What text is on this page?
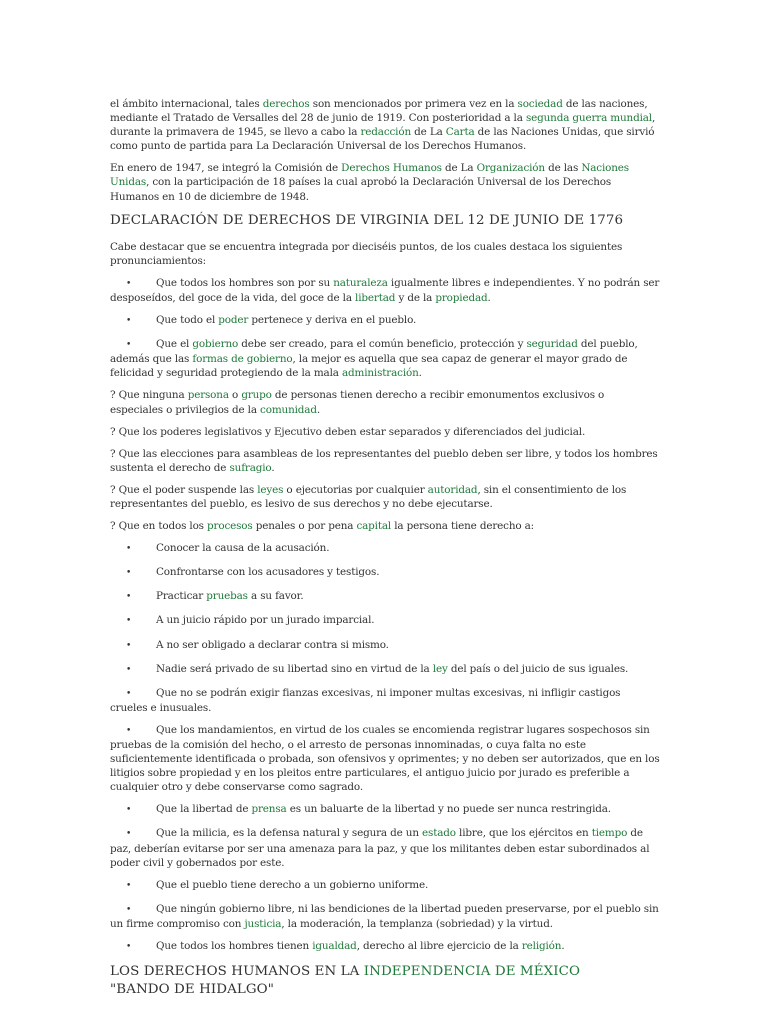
el ámbito internacional, tales derechos son mencionados por primera vez en la sociedad de las naciones, mediante el Tratado de Versalles del 28 de junio de 1919. Con posterioridad a la segunda guerra mundial, durante la primavera de 1945, se llevo a cabo la redacción de La Carta de las Naciones Unidas, que sirvió como punto de partida para La Declaración Universal de los Derechos Humanos.

En enero de 1947, se integró la Comisión de Derechos Humanos de La Organización de las Naciones Unidas, con la participación de 18 países la cual aprobó la Declaración Universal de los Derechos Humanos en 10 de diciembre de 1948.

DECLARACIÓN DE DERECHOS DE VIRGINIA DEL 12 DE JUNIO DE 1776

Cabe destacar que se encuentra integrada por dieciséis puntos, de los cuales destaca los siguientes pronunciamientos:

• Que todos los hombres son por su naturaleza igualmente libres e independientes. Y no podrán ser desposeídos, del goce de la vida, del goce de la libertad y de la propiedad.
• Que todo el poder pertenece y deriva en el pueblo.
• Que el gobierno debe ser creado, para el común beneficio, protección y seguridad del pueblo, además que las formas de gobierno, la mejor es aquella que sea capaz de generar el mayor grado de felicidad y seguridad protegiendo de la mala administración.

? Que ninguna persona o grupo de personas tienen derecho a recibir emonumentos exclusivos o especiales o privilegios de la comunidad.

? Que los poderes legislativos y Ejecutivo deben estar separados y diferenciados del judicial.

? Que las elecciones para asambleas de los representantes del pueblo deben ser libre, y todos los hombres sustenta el derecho de sufragio.

? Que el poder suspende las leyes o ejecutorias por cualquier autoridad, sin el consentimiento de los representantes del pueblo, es lesivo de sus derechos y no debe ejecutarse.

? Que en todos los procesos penales o por pena capital la persona tiene derecho a:

• Conocer la causa de la acusación.
• Confrontarse con los acusadores y testigos.
• Practicar pruebas a su favor.
• A un juicio rápido por un jurado imparcial.
• A no ser obligado a declarar contra si mismo.
• Nadie será privado de su libertad sino en virtud de la ley del país o del juicio de sus iguales.
• Que no se podrán exigir fianzas excesivas, ni imponer multas excesivas, ni infligir castigos crueles e inusuales.
• Que los mandamientos, en virtud de los cuales se encomienda registrar lugares sospechosos sin pruebas de la comisión del hecho, o el arresto de personas innominadas, o cuya falta no este suficientemente identificada o probada, son ofensivos y oprimentes; y no deben ser autorizados, que en los litigios sobre propiedad y en los pleitos entre particulares, el antiguo juicio por jurado es preferible a cualquier otro y debe conservarse como sagrado.
• Que la libertad de prensa es un baluarte de la libertad y no puede ser nunca restringida.
• Que la milicia, es la defensa natural y segura de un estado libre, que los ejércitos en tiempo de paz, deberían evitarse por ser una amenaza para la paz, y que los militantes deben estar subordinados al poder civil y gobernados por este.
• Que el pueblo tiene derecho a un gobierno uniforme.
• Que ningún gobierno libre, ni las bendiciones de la libertad pueden preservarse, por el pueblo sin un firme compromiso con justicia, la moderación, la templanza (sobriedad) y la virtud.
• Que todos los hombres tienen igualdad, derecho al libre ejercicio de la religión.
LOS DERECHOS HUMANOS EN LA INDEPENDENCIA DE MÉXICO
"BANDO DE HIDALGO"
